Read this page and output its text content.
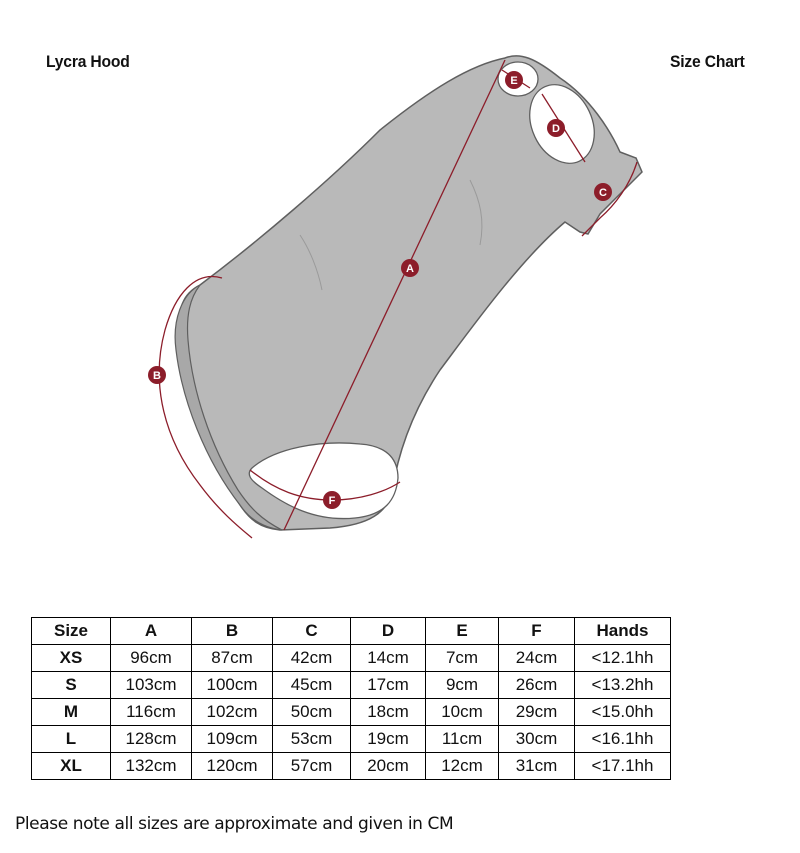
Lycra Hood	Size Chart
A
B
C
D
E
F
Size	A	B	C	D	E	F	Hands
XS	96cm	87cm	42cm	14cm	7cm	24cm	<12.1hh
S	103cm	100cm	45cm	17cm	9cm	26cm	<13.2hh
M	116cm	102cm	50cm	18cm	10cm	29cm	<15.0hh
L	128cm	109cm	53cm	19cm	11cm	30cm	<16.1hh
XL	132cm	120cm	57cm	20cm	12cm	31cm	<17.1hh
Please note all sizes are approximate and given in CM
